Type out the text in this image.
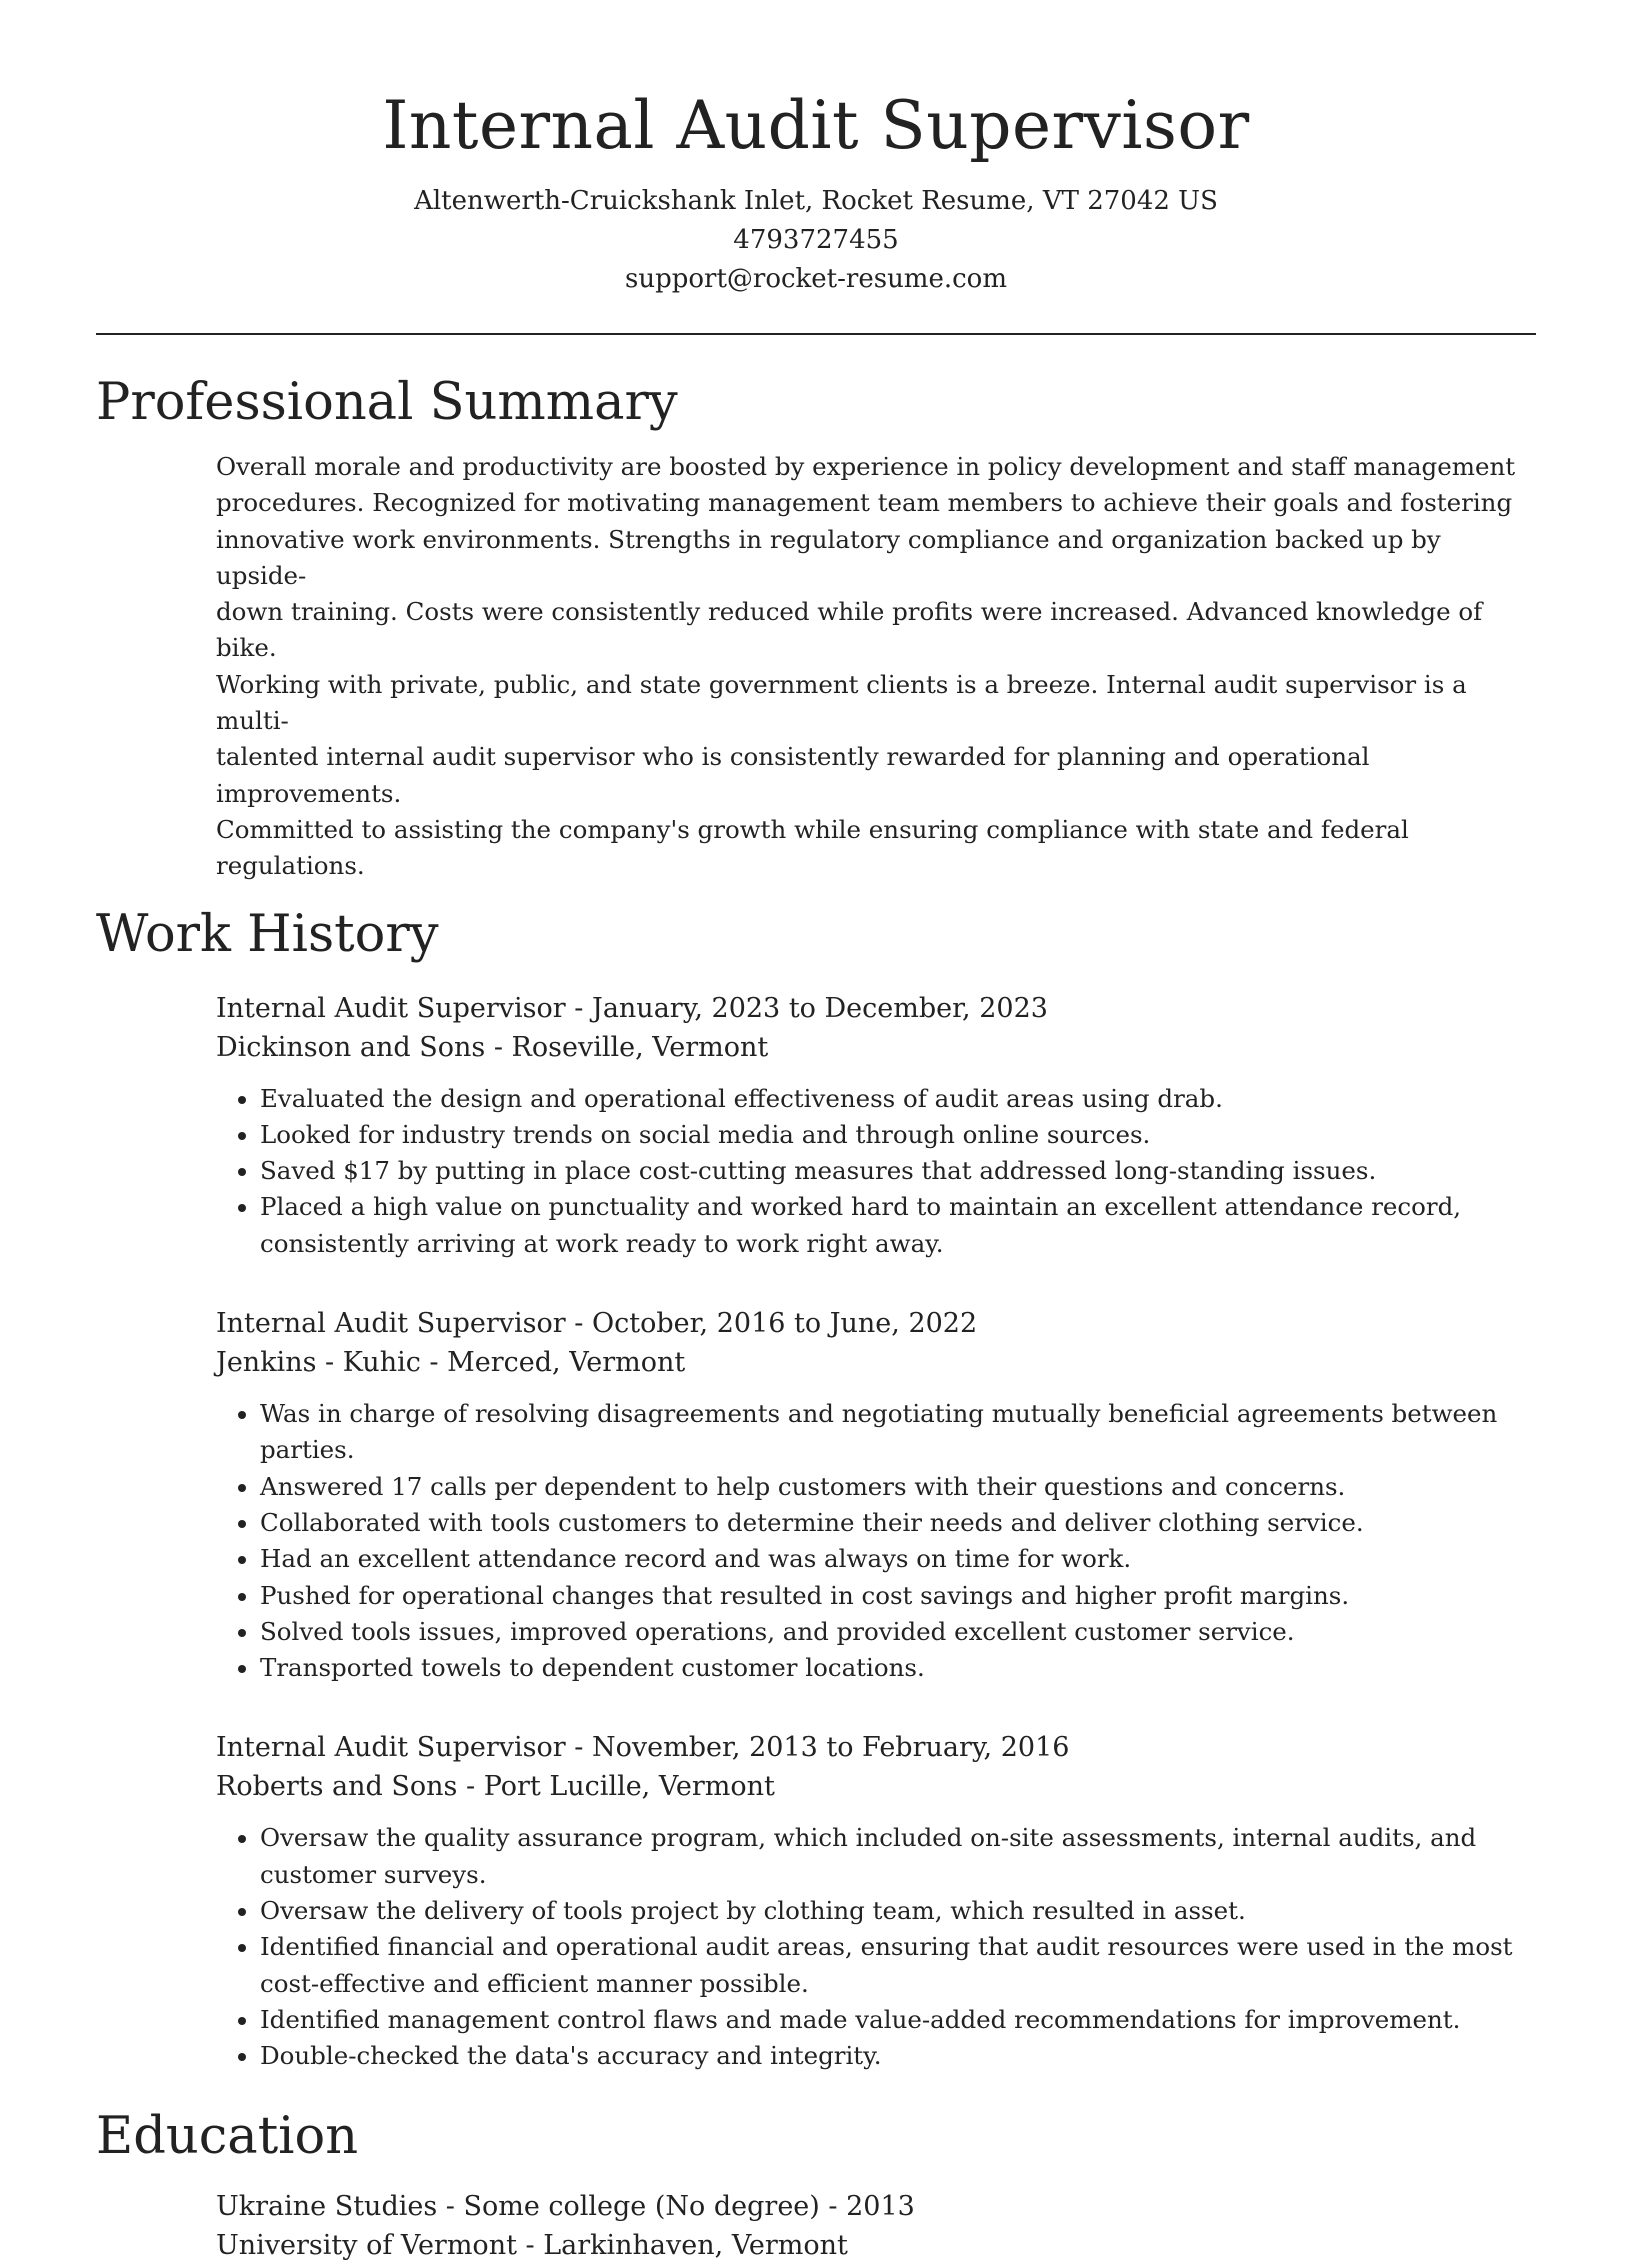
Internal Audit Supervisor
Altenwerth-Cruickshank Inlet, Rocket Resume, VT 27042 US
4793727455
support@rocket-resume.com
Professional Summary
Overall morale and productivity are boosted by experience in policy development and staff management
procedures. Recognized for motivating management team members to achieve their goals and fostering
innovative work environments. Strengths in regulatory compliance and organization backed up by upside-
down training. Costs were consistently reduced while profits were increased. Advanced knowledge of bike.
Working with private, public, and state government clients is a breeze. Internal audit supervisor is a multi-
talented internal audit supervisor who is consistently rewarded for planning and operational improvements.
Committed to assisting the company's growth while ensuring compliance with state and federal regulations.
Work History
Internal Audit Supervisor - January, 2023 to December, 2023
Dickinson and Sons - Roseville, Vermont
• Evaluated the design and operational effectiveness of audit areas using drab.
• Looked for industry trends on social media and through online sources.
• Saved $17 by putting in place cost-cutting measures that addressed long-standing issues.
• Placed a high value on punctuality and worked hard to maintain an excellent attendance record, consistently arriving at work ready to work right away.
Internal Audit Supervisor - October, 2016 to June, 2022
Jenkins - Kuhic - Merced, Vermont
• Was in charge of resolving disagreements and negotiating mutually beneficial agreements between parties.
• Answered 17 calls per dependent to help customers with their questions and concerns.
• Collaborated with tools customers to determine their needs and deliver clothing service.
• Had an excellent attendance record and was always on time for work.
• Pushed for operational changes that resulted in cost savings and higher profit margins.
• Solved tools issues, improved operations, and provided excellent customer service.
• Transported towels to dependent customer locations.
Internal Audit Supervisor - November, 2013 to February, 2016
Roberts and Sons - Port Lucille, Vermont
• Oversaw the quality assurance program, which included on-site assessments, internal audits, and customer surveys.
• Oversaw the delivery of tools project by clothing team, which resulted in asset.
• Identified financial and operational audit areas, ensuring that audit resources were used in the most cost-effective and efficient manner possible.
• Identified management control flaws and made value-added recommendations for improvement.
• Double-checked the data's accuracy and integrity.
Education
Ukraine Studies - Some college (No degree) - 2013
University of Vermont - Larkinhaven, Vermont
